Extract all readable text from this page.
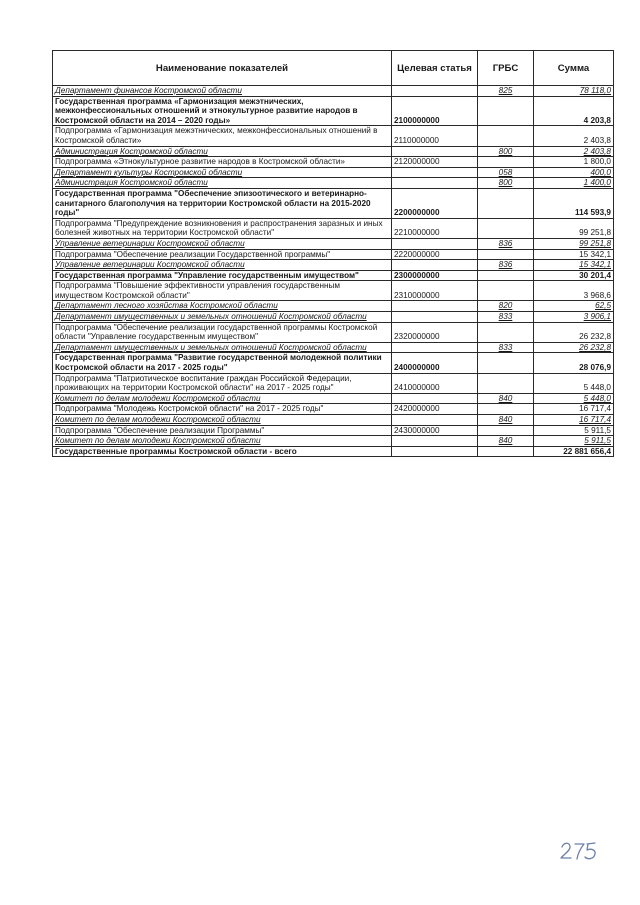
Наименование показателей	Целевая статья	ГРБС	Сумма
Департамент финансов Костромской области		825	78 118,0
Государственная программа «Гармонизация межэтнических, межконфессиональных отношений и этнокультурное развитие народов в Костромской области на 2014 – 2020 годы»	2100000000		4 203,8
Подпрограмма «Гармонизация межэтнических, межконфессиональных отношений в Костромской области»	2110000000		2 403,8
Администрация Костромской области		800	2 403,8
Подпрограмма «Этнокультурное развитие народов в Костромской области»	2120000000		1 800,0
Департамент культуры Костромской области		058	400,0
Администрация Костромской области		800	1 400,0
Государственная программа "Обеспечение эпизоотического и ветеринарно-санитарного благополучия на территории Костромской области на 2015-2020 годы"	2200000000		114 593,9
Подпрограмма "Предупреждение возникновения и распространения заразных и иных болезней животных на территории Костромской области"	2210000000		99 251,8
Управление ветеринарии Костромской области		836	99 251,8
Подпрограмма "Обеспечение реализации Государственной программы"	2220000000		15 342,1
Управление ветеринарии Костромской области		836	15 342,1
Государственная программа "Управление государственным имуществом"	2300000000		30 201,4
Подпрограмма "Повышение эффективности управления государственным имуществом Костромской области"	2310000000		3 968,6
Департамент лесного хозяйства Костромской области		820	62,5
Департамент имущественных и земельных отношений Костромской области		833	3 906,1
Подпрограмма "Обеспечение реализации государственной программы Костромской области "Управление государственным имуществом"	2320000000		26 232,8
Департамент имущественных и земельных отношений Костромской области		833	26 232,8
Государственная программа "Развитие государственной молодежной политики Костромской области на 2017 - 2025 годы"	2400000000		28 076,9
Подпрограмма "Патриотическое воспитание граждан Российской Федерации, проживающих на территории Костромской области" на 2017 - 2025 годы"	2410000000		5 448,0
Комитет по делам молодежи Костромской области		840	5 448,0
Подпрограмма "Молодежь Костромской области" на 2017 - 2025 годы"	2420000000		16 717,4
Комитет по делам молодежи Костромской области		840	16 717,4
Подпрограмма "Обеспечение реализации Программы"	2430000000		5 911,5
Комитет по делам молодежи Костромской области		840	5 911,5
Государственные программы Костромской области - всего			22 881 656,4
